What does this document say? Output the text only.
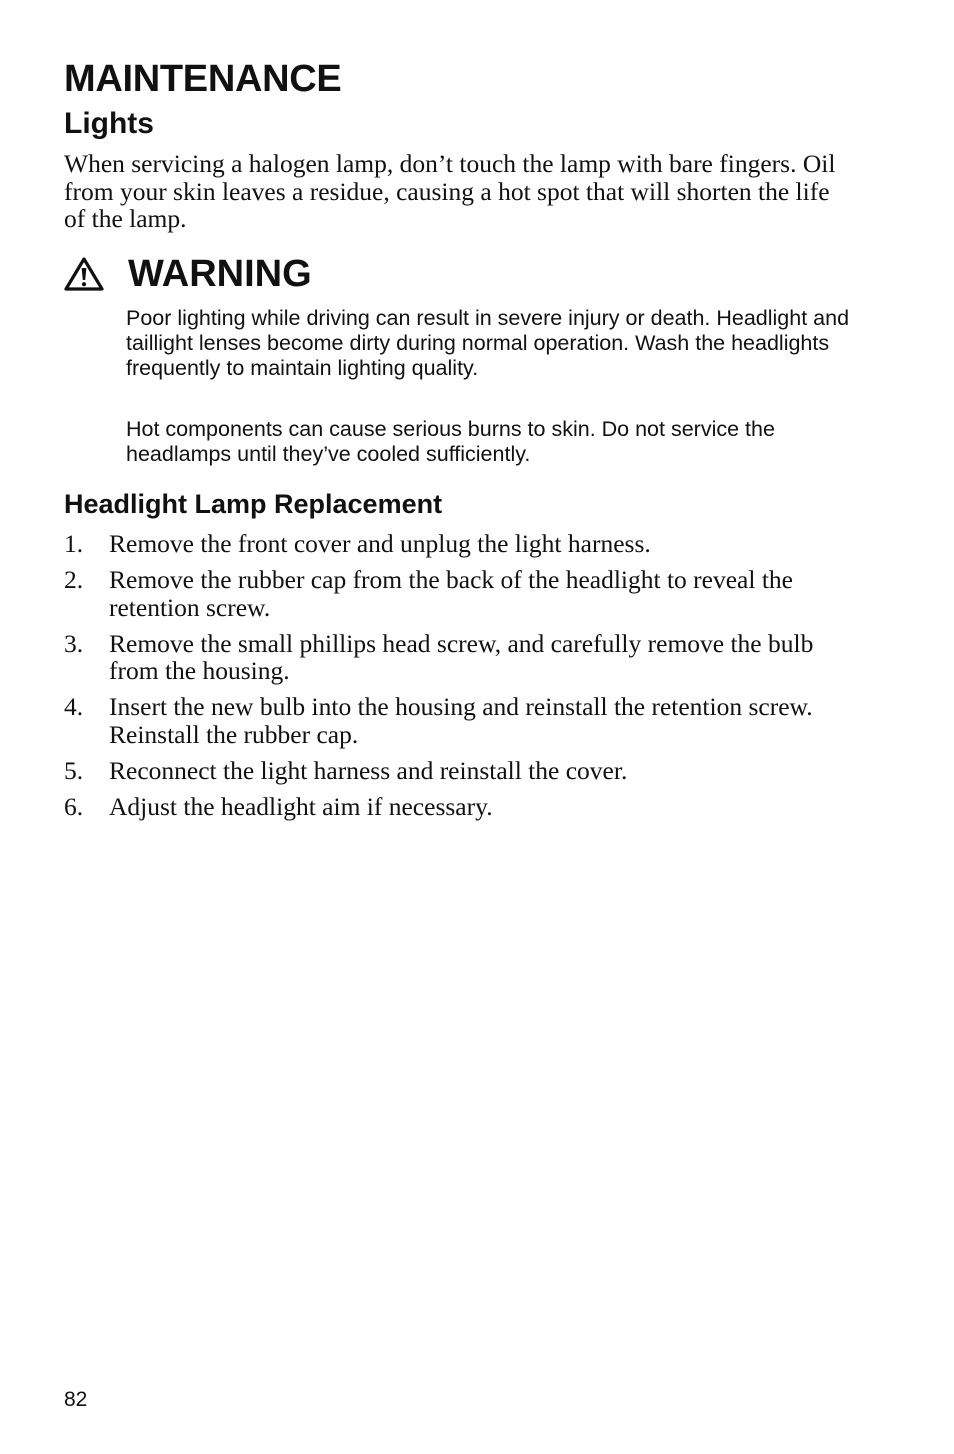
MAINTENANCE
Lights

When servicing a halogen lamp, don’t touch the lamp with bare fingers. Oil from your skin leaves a residue, causing a hot spot that will shorten the life of the lamp.

WARNING

Poor lighting while driving can result in severe injury or death. Headlight and taillight lenses become dirty during normal operation. Wash the headlights frequently to maintain lighting quality.

Hot components can cause serious burns to skin. Do not service the headlamps until they’ve cooled sufficiently.

Headlight Lamp Replacement
1. Remove the front cover and unplug the light harness.
2. Remove the rubber cap from the back of the headlight to reveal the retention screw.
3. Remove the small phillips head screw, and carefully remove the bulb from the housing.
4. Insert the new bulb into the housing and reinstall the retention screw. Reinstall the rubber cap.
5. Reconnect the light harness and reinstall the cover.
6. Adjust the headlight aim if necessary.
82
